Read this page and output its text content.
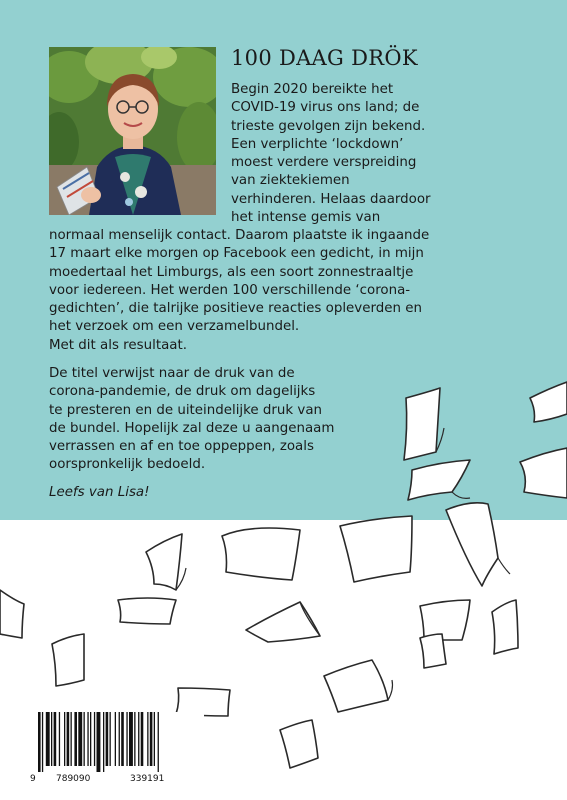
100 DAAG DRÖK
Begin 2020 bereikte het
COVID-19 virus ons land; de
trieste gevolgen zijn bekend.
Een verplichte ‘lockdown’
moest verdere verspreiding
van ziektekiemen
verhinderen. Helaas daardoor
het intense gemis van
normaal menselijk contact. Daarom plaatste ik ingaande
17 maart elke morgen op Facebook een gedicht, in mijn
moedertaal het Limburgs, als een soort zonnestraaltje
voor iedereen. Het werden 100 verschillende ‘corona-
gedichten’, die talrijke positieve reacties opleverden en
het verzoek om een verzamelbundel.
Met dit als resultaat.
De titel verwijst naar de druk van de
corona-pandemie, de druk om dagelijks
te presteren en de uiteindelijke druk van
de bundel. Hopelijk zal deze u aangenaam
verrassen en af en toe oppeppen, zoals
oorspronkelijk bedoeld.
Leefs van Lisa!
9 789090	339191
